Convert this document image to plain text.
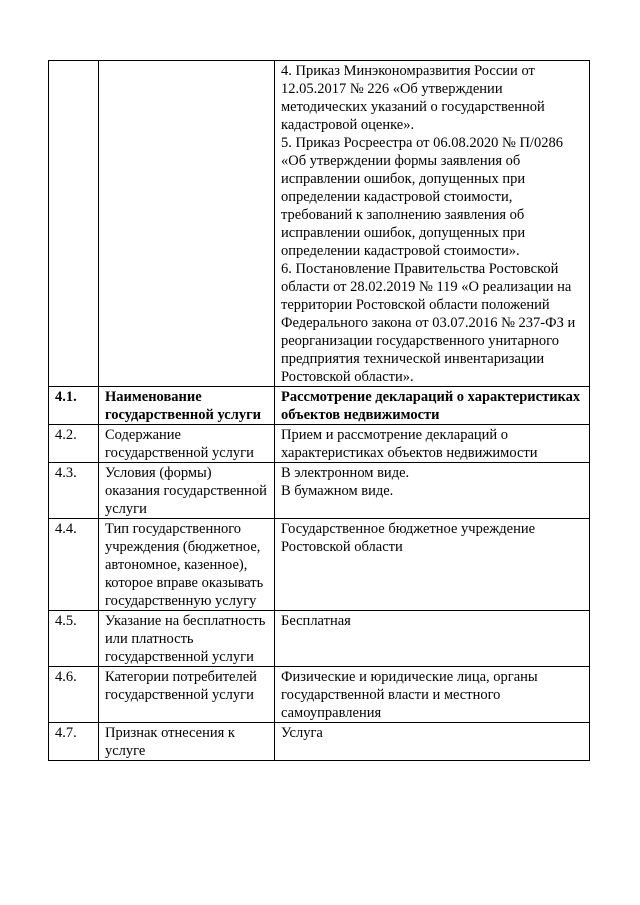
		4. Приказ Минэкономразвития России от 12.05.2017 № 226 «Об утверждении методических указаний о государственной кадастровой оценке».
5. Приказ Росреестра от 06.08.2020 № П/0286 «Об утверждении формы заявления об исправлении ошибок, допущенных при определении кадастровой стоимости, требований к заполнению заявления об исправлении ошибок, допущенных при определении кадастровой стоимости».
6. Постановление Правительства Ростовской области от 28.02.2019 № 119 «О реализации на территории Ростовской области положений Федерального закона от 03.07.2016 № 237-ФЗ и реорганизации государственного унитарного предприятия технической инвентаризации Ростовской области».

4.1.	Наименование государственной услуги	Рассмотрение деклараций о характеристиках объектов недвижимости

4.2.	Содержание государственной услуги	Прием и рассмотрение деклараций о характеристиках объектов недвижимости

4.3.	Условия (формы) оказания государственной услуги	В электронном виде.
В бумажном виде.

4.4.	Тип государственного учреждения (бюджетное, автономное, казенное), которое вправе оказывать государственную услугу	Государственное бюджетное учреждение Ростовской области

4.5.	Указание на бесплатность или платность государственной услуги	Бесплатная

4.6.	Категории потребителей государственной услуги	Физические и юридические лица, органы государственной власти и местного самоуправления

4.7.	Признак отнесения к услуге	Услуга
